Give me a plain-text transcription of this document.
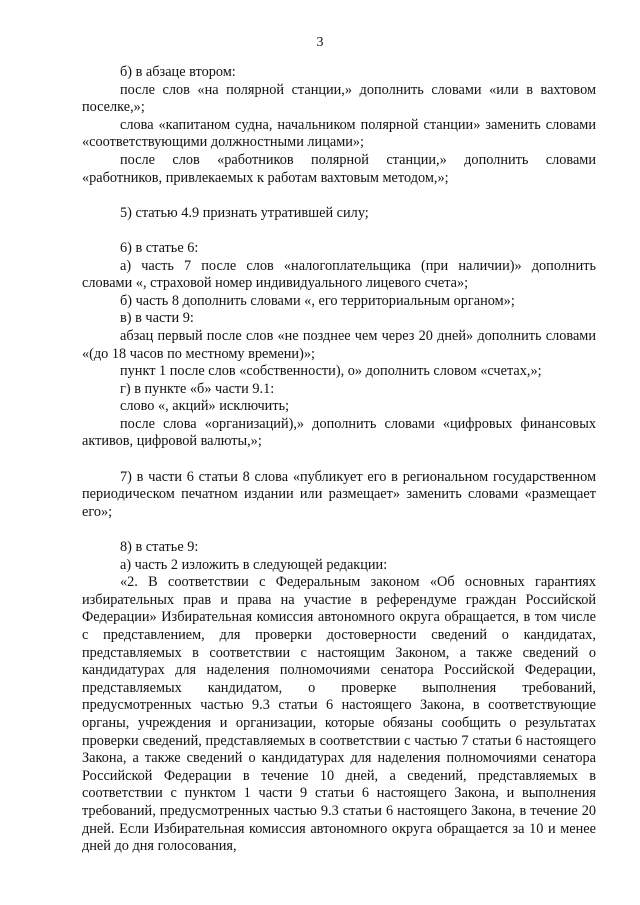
3

б) в абзаце втором:

после слов «на полярной станции,» дополнить словами «или в вахтовом поселке,»;

слова «капитаном судна, начальником полярной станции» заменить словами «соответствующими должностными лицами»;

после слов «работников полярной станции,» дополнить словами «работников, привлекаемых к работам вахтовым методом,»;

5) статью 4.9 признать утратившей силу;

6) в статье 6:

а) часть 7 после слов «налогоплательщика (при наличии)» дополнить словами «, страховой номер индивидуального лицевого счета»;

б) часть 8 дополнить словами «, его территориальным органом»;

в) в части 9:

абзац первый после слов «не позднее чем через 20 дней» дополнить словами «(до 18 часов по местному времени)»;

пункт 1 после слов «собственности), о» дополнить словом «счетах,»;

г) в пункте «б» части 9.1:

слово «, акций» исключить;

после слова «организаций),» дополнить словами «цифровых финансовых активов, цифровой валюты,»;

7) в части 6 статьи 8 слова «публикует его в региональном государственном периодическом печатном издании или размещает» заменить словами «размещает его»;

8) в статье 9:

а) часть 2 изложить в следующей редакции:

«2. В соответствии с Федеральным законом «Об основных гарантиях избирательных прав и права на участие в референдуме граждан Российской Федерации» Избирательная комиссия автономного округа обращается, в том числе с представлением, для проверки достоверности сведений о кандидатах, представляемых в соответствии с настоящим Законом, а также сведений о кандидатурах для наделения полномочиями сенатора Российской Федерации, представляемых кандидатом, о проверке выполнения требований, предусмотренных частью 9.3 статьи 6 настоящего Закона, в соответствующие органы, учреждения и организации, которые обязаны сообщить о результатах проверки сведений, представляемых в соответствии с частью 7 статьи 6 настоящего Закона, а также сведений о кандидатурах для наделения полномочиями сенатора Российской Федерации в течение 10 дней, а сведений, представляемых в соответствии с пунктом 1 части 9 статьи 6 настоящего Закона, и выполнения требований, предусмотренных частью 9.3 статьи 6 настоящего Закона, в течение 20 дней. Если Избирательная комиссия автономного округа обращается за 10 и менее дней до дня голосования,
